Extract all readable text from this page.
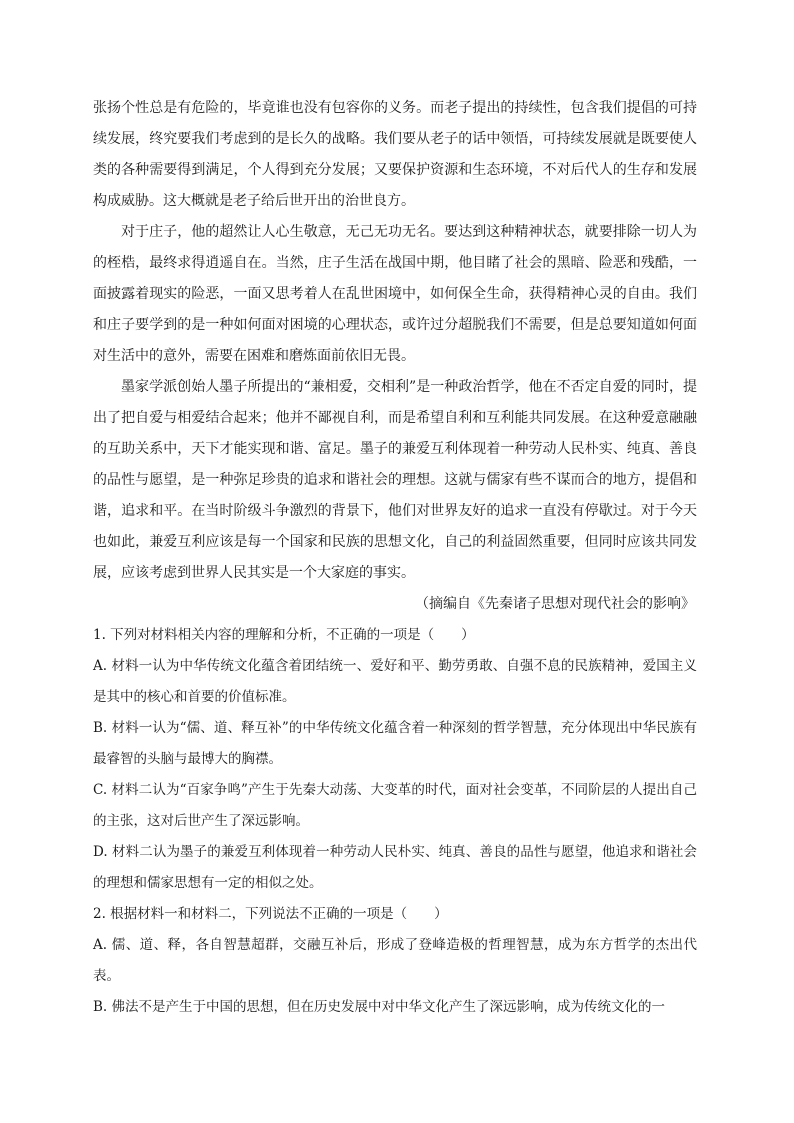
张扬个性总是有危险的，毕竟谁也没有包容你的义务。而老子提出的持续性，包含我们提倡的可持续发展，终究要我们考虑到的是长久的战略。我们要从老子的话中领悟，可持续发展就是既要使人类的各种需要得到满足，个人得到充分发展；又要保护资源和生态环境，不对后代人的生存和发展构成威胁。这大概就是老子给后世开出的治世良方。

对于庄子，他的超然让人心生敬意，无己无功无名。要达到这种精神状态，就要排除一切人为的桎梏，最终求得逍遥自在。当然，庄子生活在战国中期，他目睹了社会的黑暗、险恶和残酷，一面披露着现实的险恶，一面又思考着人在乱世困境中，如何保全生命，获得精神心灵的自由。我们和庄子要学到的是一种如何面对困境的心理状态，或许过分超脱我们不需要，但是总要知道如何面对生活中的意外，需要在困难和磨炼面前依旧无畏。

墨家学派创始人墨子所提出的“兼相爱，交相利”是一种政治哲学，他在不否定自爱的同时，提出了把自爱与相爱结合起来；他并不鄙视自利，而是希望自利和互利能共同发展。在这种爱意融融的互助关系中，天下才能实现和谐、富足。墨子的兼爱互利体现着一种劳动人民朴实、纯真、善良的品性与愿望，是一种弥足珍贵的追求和谐社会的理想。这就与儒家有些不谋而合的地方，提倡和谐，追求和平。在当时阶级斗争激烈的背景下，他们对世界友好的追求一直没有停歇过。对于今天也如此，兼爱互利应该是每一个国家和民族的思想文化，自己的利益固然重要，但同时应该共同发展，应该考虑到世界人民其实是一个大家庭的事实。

（摘编自《先秦诸子思想对现代社会的影响》

1. 下列对材料相关内容的理解和分析，不正确的一项是（　　）

A. 材料一认为中华传统文化蕴含着团结统一、爱好和平、勤劳勇敢、自强不息的民族精神，爱国主义是其中的核心和首要的价值标准。

B. 材料一认为“儒、道、释互补”的中华传统文化蕴含着一种深刻的哲学智慧，充分体现出中华民族有最睿智的头脑与最博大的胸襟。

C. 材料二认为“百家争鸣”产生于先秦大动荡、大变革的时代，面对社会变革，不同阶层的人提出自己的主张，这对后世产生了深远影响。

D. 材料二认为墨子的兼爱互利体现着一种劳动人民朴实、纯真、善良的品性与愿望，他追求和谐社会的理想和儒家思想有一定的相似之处。

2. 根据材料一和材料二，下列说法不正确的一项是（　　）

A. 儒、道、释，各自智慧超群，交融互补后，形成了登峰造极的哲理智慧，成为东方哲学的杰出代表。

B. 佛法不是产生于中国的思想，但在历史发展中对中华文化产生了深远影响，成为传统文化的一
